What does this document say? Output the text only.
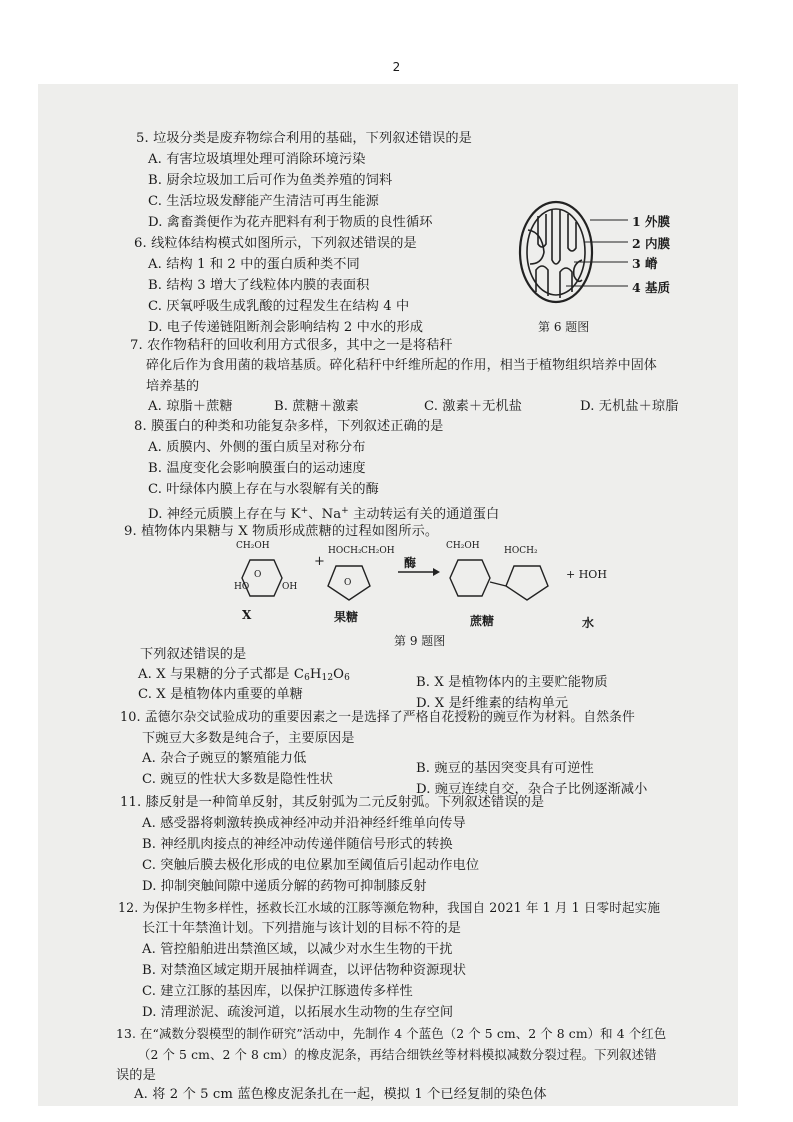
2
5. 垃圾分类是废弃物综合利用的基础，下列叙述错误的是
A. 有害垃圾填埋处理可消除环境污染
B. 厨余垃圾加工后可作为鱼类养殖的饲料
C. 生活垃圾发酵能产生清洁可再生能源
D. 禽畜粪便作为花卉肥料有利于物质的良性循环
6. 线粒体结构模式如图所示，下列叙述错误的是
A. 结构 1 和 2 中的蛋白质种类不同
B. 结构 3 增大了线粒体内膜的表面积
C. 厌氧呼吸生成乳酸的过程发生在结构 4 中
D. 电子传递链阻断剂会影响结构 2 中水的形成
1 外膜
2 内膜
3 嵴
4 基质
第 6 题图
7. 农作物秸秆的回收利用方式很多，其中之一是将秸秆
碎化后作为食用菌的栽培基质。碎化秸秆中纤维所起的作用，相当于植物组织培养中固体
培养基的
A. 琼脂＋蔗糖	B. 蔗糖＋激素	C. 激素＋无机盐	D. 无机盐＋琼脂
8. 膜蛋白的种类和功能复杂多样，下列叙述正确的是
A. 质膜内、外侧的蛋白质呈对称分布
B. 温度变化会影响膜蛋白的运动速度
C. 叶绿体内膜上存在与水裂解有关的酶
D. 神经元质膜上存在与 K+、Na+ 主动转运有关的通道蛋白
9. 植物体内果糖与 X 物质形成蔗糖的过程如图所示。
CH₂OH
O
HO	OH
+
HOCH₂ CH₂OH
O
酶
CH₂OH	HOCH₂
+ HOH
X	果糖	蔗糖	水
第 9 题图
下列叙述错误的是
A. X 与果糖的分子式都是 $C_6H_{12}O_6$	B. X 是植物体内的主要贮能物质
C. X 是植物体内重要的单糖
D. X 是纤维素的结构单元
10. 孟德尔杂交试验成功的重要因素之一是选择了严格自花授粉的豌豆作为材料。自然条件
下豌豆大多数是纯合子，主要原因是
A. 杂合子豌豆的繁殖能力低
B. 豌豆的基因突变具有可逆性
C. 豌豆的性状大多数是隐性性状
D. 豌豆连续自交，杂合子比例逐渐减小
11. 膝反射是一种简单反射，其反射弧为二元反射弧。下列叙述错误的是
A. 感受器将刺激转换成神经冲动并沿神经纤维单向传导
B. 神经肌肉接点的神经冲动传递伴随信号形式的转换
C. 突触后膜去极化形成的电位累加至阈值后引起动作电位
D. 抑制突触间隙中递质分解的药物可抑制膝反射
12. 为保护生物多样性，拯救长江水域的江豚等濒危物种，我国自 2021 年 1 月 1 日零时起实施
长江十年禁渔计划。下列措施与该计划的目标不符的是
A. 管控船舶进出禁渔区域，以减少对水生生物的干扰
B. 对禁渔区域定期开展抽样调查，以评估物种资源现状
C. 建立江豚的基因库，以保护江豚遗传多样性
D. 清理淤泥、疏浚河道，以拓展水生动物的生存空间
13. 在“减数分裂模型的制作研究”活动中，先制作 4 个蓝色（2 个 5 cm、2 个 8 cm）和 4 个红色
（2 个 5 cm、2 个 8 cm）的橡皮泥条，再结合细铁丝等材料模拟减数分裂过程。下列叙述错
误的是
A. 将 2 个 5 cm 蓝色橡皮泥条扎在一起，模拟 1 个已经复制的染色体
